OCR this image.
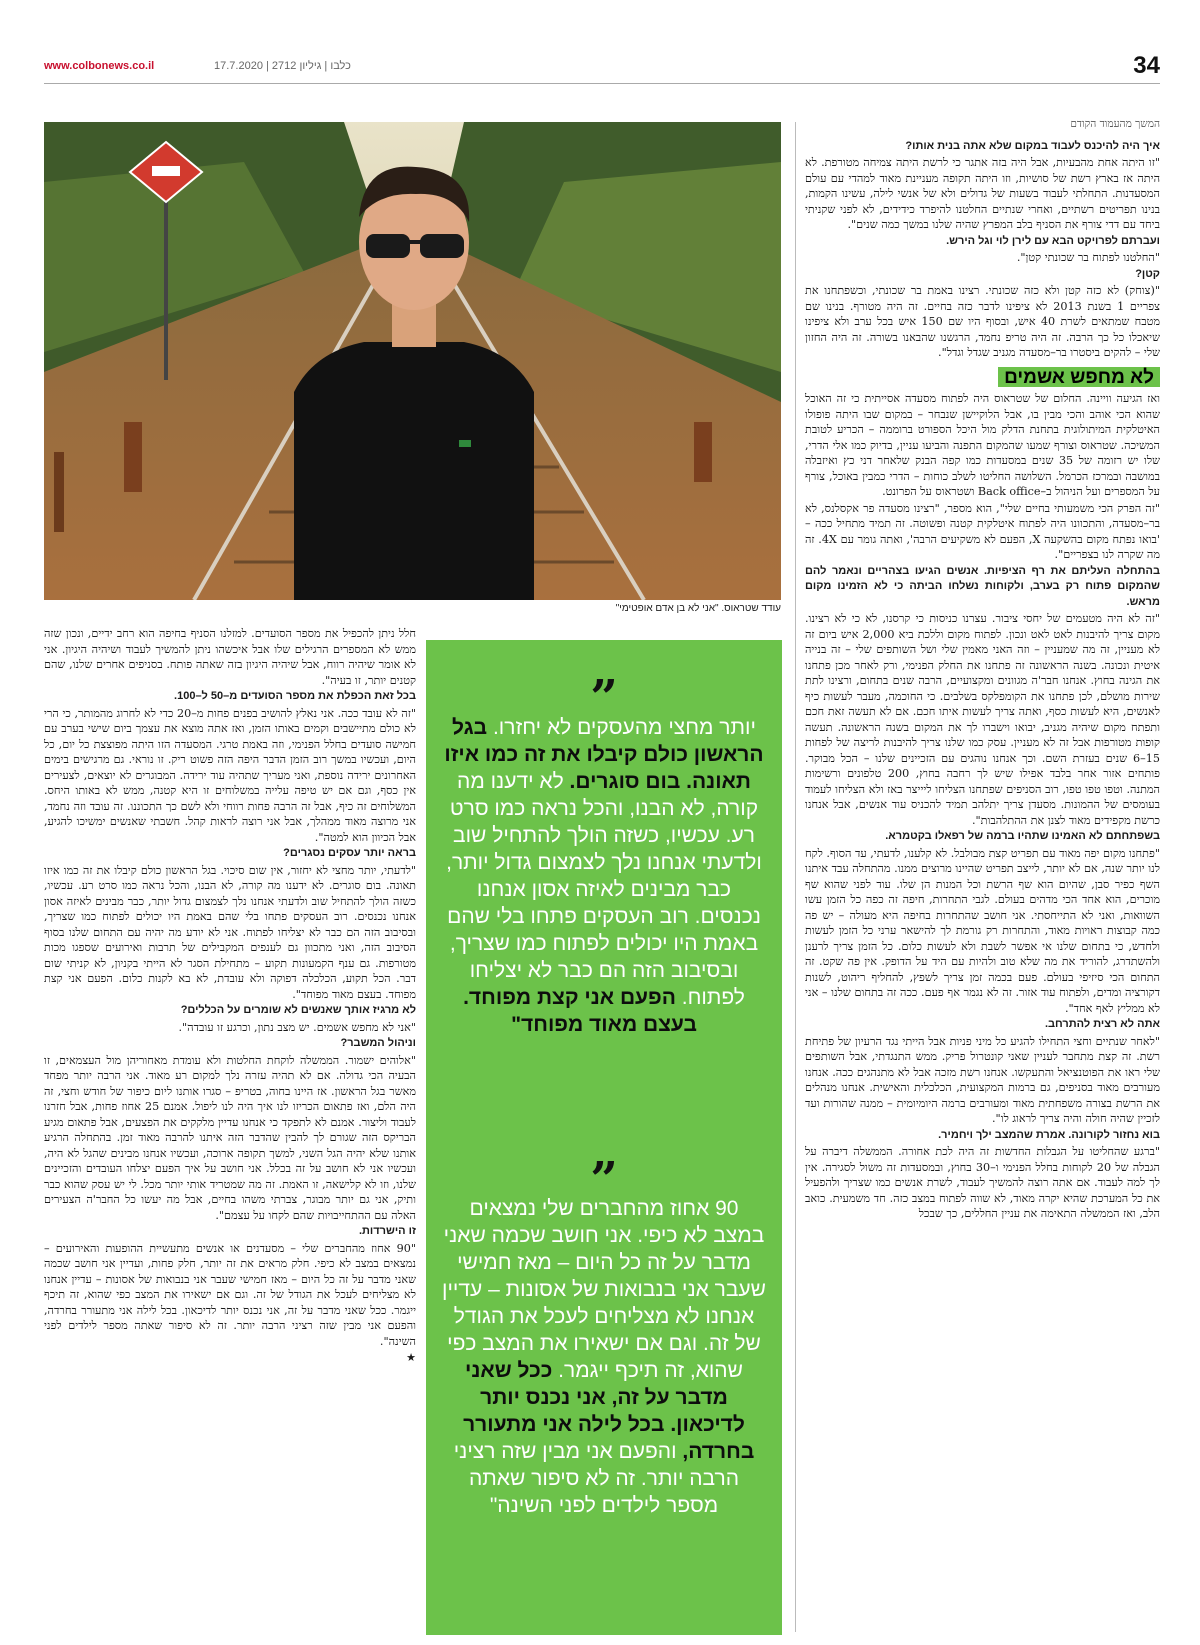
www.colbonews.co.il	כלבו | גיליון 2712 | 17.7.2020	34
עודד שטראוס. "אני לא בן אדם אופטימי"

המשך מהעמוד הקודם

איך היה להיכנס לעבוד במקום שלא אתה בנית אותו?

"זו היתה אחת מהבעיות, אבל היה בזה אתגר כי לרשת היתה צמיחה מטורפת. לא היתה אז בארץ רשת של סושיות, וזו היתה תקופה מעניינת מאוד למהדי עם עולם המסעדנות. התחלתי לעבוד בשעות של גדולים ולא של אנשי לילה, עשינו הקמות, בנינו תפריטים רשתיים, ואחרי שנתיים החלטנו להיפרד כידידים, לא לפני שקניתי ביחד עם דדי צורף את הסניף בלב המפרץ שהיה שלנו במשך כמה שנים".

ועברתם לפרויקט הבא עם לירן לוי וגל הירש.

"החלטנו לפתוח בר שכונתי קטן".

קטן?

"(צוחק) לא כזה קטן ולא כזה שכונתי. רצינו באמת בר שכונתי, וכשפתחנו את צפריים 1 בשנת 2013 לא ציפינו לדבר כזה בחיים. זה היה מטורף. בנינו שם מטבח שמתאים לשרת 40 איש, ובסוף היו שם 150 איש בכל ערב ולא ציפינו שיאכלו כל כך הרבה. זה היה טריפ נחמד, הרגשנו שהבאנו בשורה. זה היה החזון שלי – להקים ביסטרו בר–מסעדה מגניב שגדל וגדל".

לא מחפש אשמים

ואז הגיעה וויינה. החלום של שטראוס היה לפתוח מסעדה אסייתית כי זה האוכל שהוא הכי אוהב והכי מבין בו, אבל הלוקיישן שנבחר – במקום שבו היתה פופולו האיטלקית המיתולוגית בתחנת הדלק מול היכל הספורט ברוממה – הכריע לטובת המשיכה. שטראוס וצורף שמעו שהמקום התפנה והביעו עניין, בדיוק כמו אלי הדרי, שלו יש רזומה של 35 שנים במסעדות כמו קפה הבנק שלאחר דני כץ ואיזבלה במושבה ובמרכז הכרמל. השלושה החליטו לשלב כוחות – הדרי כמבין באוכל, צורף על המספרים ועל הניהול ב–Back office ושטראוס על הפרונט.

"זה הפרק הכי משמעותי בחיים שלי", הוא מספר, "רצינו מסעדה פר אקסלנס, לא בר–מסעדה, והתכוונו היה לפתוח איטלקית קטנה ופשוטה. זה תמיד מתחיל ככה – 'בואו נפתח מקום בהשקעה X, הפעם לא משקיעים הרבה', ואתה גומר עם 4X. זה מה שקרה לנו בצפריים".

בהתחלה העליתם את רף הציפיות. אנשים הגיעו בצהריים ונאמר להם שהמקום פתוח רק בערב, ולקוחות נשלחו הביתה כי לא הזמינו מקום מראש.

"זה לא היה מטעמים של יחסי ציבור. עצרנו כניסות כי קרסנו, לא כי לא רצינו. מקום צריך להיבנות לאט לאט ונכון. לפתוח מקום וללכת ביא 2,000 איש ביום זה לא מעניין, זה מה שמעניין – וזה האני מאמין שלי ושל השותפים שלי – זה בנייה איטית ונכונה. בשנה הראשונה זה פתחנו את החלק הפנימי, ורק לאחר מכן פתחנו את הגינה בחוץ. אנחנו חבר'ה מגוונים ומקצועיים, הרבה שנים בתחום, ורצינו לתת שירות מושלם, לכן פתחנו את הקומפלקס בשלבים. כי החוכמה, מעבר לעשות כיף לאנשים, היא לעשות כסף, ואתה צריך לעשות איתו חכם. אם לא תעשה זאת חכם ותפתח מקום שיהיה מגניב, יבואו וישברו לך את המקום בשנה הראשונה. תעשה קופות מטורפות אבל זה לא מעניין. עסק כמו שלנו צריך להיבנות לריצה של לפחות 15–6 שנים בעזרת השם. וכך אנחנו נוהגים עם הזכיינים שלנו – הכל מבוקר. פותחים אזור אחר בלבד אפילו שיש לך רחבה בחוץ, 200 טלפונים ורשימות המתנה. וטפו טפו טפו, רוב הסניפים שפתחנו הצליחו ליייצר באז ולא הצליחו לעמוד בעומסים של ההמונות. מסעדן צריך יתלהב תמיד להכניס עוד אנשים, אבל אנחנו כרשת מקפידים מאוד לצנן את ההתלהבות".

בשפתחתם לא האמינו שתהיו ברמה של רפאלו בקטמרא.

"פתחנו מקום יפה מאוד עם תפריט קצת מבולבל. לא קלענו, לדעתי, עד הסוף. לקח לנו יותר שנה, אם לא יותר, לייצב תפריט שהיינו מרוצים ממנו. מהתחלה עבד איתנו השף כפיר סבן, שהיום הוא שף הרשת וכל המנות הן שלו. עוד לפני שהוא שף מוכרים, הוא אחד הכי מדהים בעולם. לגבי התחרות, חיפה זה כפה כל הזמן עשו השוואות, ואני לא התייחסתי. אני חושב שהתחרות בחיפה היא מעולה – יש פה כמה קבוצות ראויות מאוד, והתחרות רק גורמת לך להישאר ערני כל הזמן לעשות ולחדש, כי בתחום שלנו אי אפשר לשבת ולא לעשות כלום. כל הזמן צריך לרענן ולהשתדרג, להוריד את מה שלא טוב ולהיות עם היד על הדופק. אין פה שקט. זה התחום הכי סיזיפי בעולם. פעם בכמה זמן צריך לשפץ, להחליף ריהוט, לשנות דקורציה ומדים, ולפתוח עוד אזור. זה לא נגמר אף פעם. ככה זה בתחום שלנו – אני לא ממליץ לאף אחד".

אתה לא רצית להתרחב.

"לאחר שנתיים וחצי התחילו להגיע כל מיני פניות אבל הייתי נגד הרעיון של פתיחת רשת. זה קצת מתחבר לעניין שאני קונטרול פריק. ממש התנגדתי, אבל השותפים שלי ראו את הפוטנציאל והתעקשו. אנחנו רשת מזכה אבל לא מתנהגים ככה. אנחנו מעורבים מאוד בסניפים, גם ברמות המקצועית, הכלכלית והאישית. אנחנו מנהלים את הרשת בצורה משפחתית מאוד ומעורבים ברמה היומיומית – ממנה שהורות ועד לזכיין שהיה חולה והיה צריך לראוג לו".

בוא נחזור לקורונה. אמרת שהמצב ילך ויחמיר.

"ברגע שהחליטו על הגבלות החדשות זה היה לכת אחורה. הממשלה דיברה על הגבלה של 20 לקוחות בחלל הפנימי ו–30 בחוץ, ובמסעדות זה משול לסגירה. אין לך למה לעבוד. אם אתה רוצה להמשיך לעבוד, לשרת אנשים כמו שצריך ולהפעיל את כל המערכת שהיא יקרה מאוד, לא שווה לפתוח במצב כזה. חד משמעית. כואב הלב, ואז הממשלה התאימה את עניין החללים, כך שבכל

”
יותר מחצי מהעסקים לא יחזרו. בגל הראשון כולם קיבלו את זה כמו איזו תאונה. בום סוגרים. לא ידענו מה קורה, לא הבנו, והכל נראה כמו סרט רע. עכשיו, כשזה הולך להתחיל שוב ולדעתי אנחנו נלך לצמצום גדול יותר, כבר מבינים לאיזה אסון אנחנו נכנסים. רוב העסקים פתחו בלי שהם באמת היו יכולים לפתוח כמו שצריך, ובסיבוב הזה הם כבר לא יצליחו לפתוח. הפעם אני קצת מפוחד. בעצם מאוד מפוחד"
”
90 אחוז מהחברים שלי נמצאים במצב לא כיפי. אני חושב שכמה שאני מדבר על זה כל היום – מאז חמישי שעבר אני בנבואות של אסונות – עדיין אנחנו לא מצליחים לעכל את הגודל של זה. וגם אם ישאירו את המצב כפי שהוא, זה תיכף ייגמר. ככל שאני מדבר על זה, אני נכנס יותר לדיכאון. בכל לילה אני מתעורר בחרדה, והפעם אני מבין שזה רציני הרבה יותר. זה לא סיפור שאתה מספר לילדים לפני השינה"

חלל ניתן להכפיל את מספר הסועדים. למזלנו הסניף בחיפה הוא רחב ידיים, ונכון שזה ממש לא המספרים הרגילים שלו אבל איכשהו ניתן להמשיך לעבוד ושיהיה היגיון. אני לא אומר שיהיה רווח, אבל שיהיה היגיון בזה שאתה פותח. בסניפים אחרים שלנו, שהם קטנים יותר, זו בעיה".

בכל זאת הכפלת את מספר הסועדים מ–50 ל–100.

"זה לא עובד ככה. אני נאלץ להושיב בפנים פחות מ–20 כדי לא לחרוג מהמותר, כי הרי לא כולם מתיישבים וקמים באותו הזמן, ואז אתה מוצא את עצמך ביום שישי בערב עם חמישה סועדים בחלל הפנימי, וזה באמת טרגי. המסעדה הזו היתה מפוצצת כל יום, כל היום, ועכשיו במשך רוב הזמן הדבר היפה הזה פשוט ריק. זו נוראי. גם מרגישים בימים האחרונים ירידה נוספת, ואני מעריך שתהיה עוד ירידה. המבוגרים לא יוצאים, לצעירים אין כסף, וגם אם יש טיפה עלייה במשלוחים זו היא קטנה, ממש לא באותו היחס. המשלוחים זה כיף, אבל זה הרבה פחות רווחי ולא לשם כך התכוננו. זה עובד וזה נחמד, אני מרוצה מאוד ממהלך, אבל אני רוצה לראות קהל. חשבתי שאנשים ימשיכו להגיע, אבל הכיוון הוא למטה".

בראה יותר עסקים נסגרים?

"לדעתי, יותר מחצי לא יחזור, אין שום סיכוי. בגל הראשון כולם קיבלו את זה כמו איזו תאונה. בום סוגרים. לא ידענו מה קורה, לא הבנו, והכל נראה כמו סרט רע. עכשיו, כשזה הולך להתחיל שוב ולדעתי אנחנו נלך לצמצום גדול יותר, כבר מבינים לאיזה אסון אנחנו נכנסים. רוב העסקים פתחו בלי שהם באמת היו יכולים לפתוח כמו שצריך, ובסיבוב הזה הם כבר לא יצליחו לפתוח. אני לא יודע מה יהיה עם התחום שלנו בסוף הסיבוב הזה, ואני מתכוון גם לענפים המקבילים של תרבות ואירועים שספגו מכות מטורפות. גם ענף הקמעונות תקוע – מתחילת הסגר לא הייתי בקניון, לא קניתי שום דבר. הכל תקוע, הכלכלה דפוקה ולא עובדת, לא בא לקנות כלום. הפעם אני קצת מפוחד. בעצם מאוד מפוחד".

לא מרגיז אותך שאנשים לא שומרים על הכללים?

"אני לא מחפש אשמים. יש מצב נתון, וכרגע זו עובדה".

וניהול המשבר?

"אלוהים ישמור. הממשלה לוקחת החלטות ולא עומדת מאחוריהן מול העצמאים, זו הבעיה הכי גדולה. אם לא תהיה עזרה נלך למקום רע מאוד. אני הרבה יותר מפחד מאשר בגל הראשון. אז היינו בחוה, בטריפ – סגרו אותנו ליום כיפור של חודש וחצי, זה היה הלם, ואז פתאום הכריזו לנו איך היה לנו ליפול. אמנם 25 אחוז פחות, אבל חזרנו לעבוד וליצור. אמנם לא לתפקד כי אנחנו עדיין מלקקים את הפצעים, אבל פתאום מגיע הבריקס הזה שגורם לך להבין שהדבר הזה איתנו להרבה מאוד זמן. בהתחלה הרגיע אותנו שלא יהיה הגל השני, למשך תקופה ארוכה, ועכשיו אנחנו מבינים שהגל לא היה, ועכשיו אני לא חושב על זה בכלל. אני חושב על איך הפעם יצלחו העובדים והזכיינים שלנו, וזו לא קלישאה, זו האמת. זה מה שמטריד אותי יותר מכל. לי יש עסק שהוא כבר ותיק, אני גם יותר מבוגר, צברתי משהו בחיים, אבל מה יעשו כל החבר'ה הצעירים האלה עם ההתחייבויות שהם לקחו על עצמם".

זו הישרדות.

"90 אחוז מהחברים שלי – מסעדנים או אנשים מתעשיית ההופעות והאירועים – נמצאים במצב לא כיפי. חלק מראים את זה יותר, חלק פחות, ועדיין אני חושב שכמה שאני מדבר על זה כל היום – מאז חמישי שעבר אני בנבואות של אסונות – עדיין אנחנו לא מצליחים לעכל את הגודל של זה. וגם אם ישאירו את המצב כפי שהוא, זה תיכף ייגמר. ככל שאני מדבר על זה, אני נכנס יותר לדיכאון. בכל לילה אני מתעורר בחרדה, והפעם אני מבין שזה רציני הרבה יותר. זה לא סיפור שאתה מספר לילדים לפני השינה".

★
